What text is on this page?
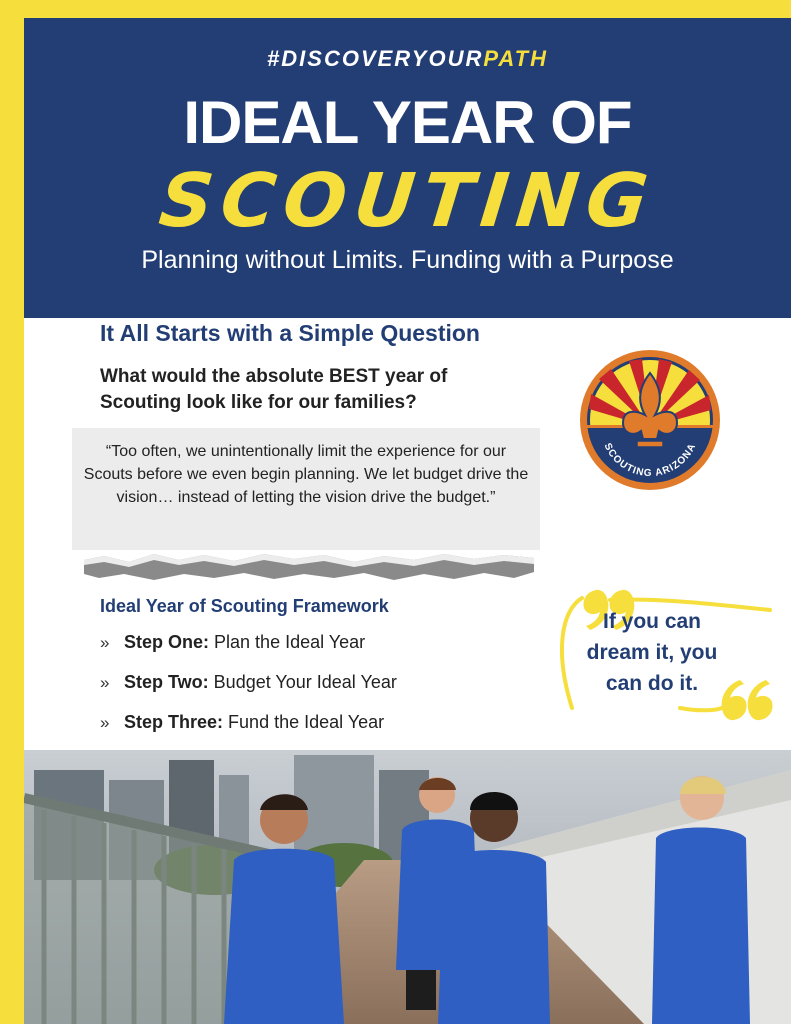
#DISCOVERYOURPATH
IDEAL YEAR OF
SCOUTING
Planning without Limits. Funding with a Purpose
It All Starts with a Simple Question
What would the absolute BEST year of Scouting look like for our families?
“Too often, we unintentionally limit the experience for our Scouts before we even begin planning. We let budget drive the vision… instead of letting the vision drive the budget.”
SCOUTING ARIZONA
Ideal Year of Scouting Framework
» Step One: Plan the Ideal Year
» Step Two: Budget Your Ideal Year
» Step Three: Fund the Ideal Year
If you can
dream it, you
can do it.
